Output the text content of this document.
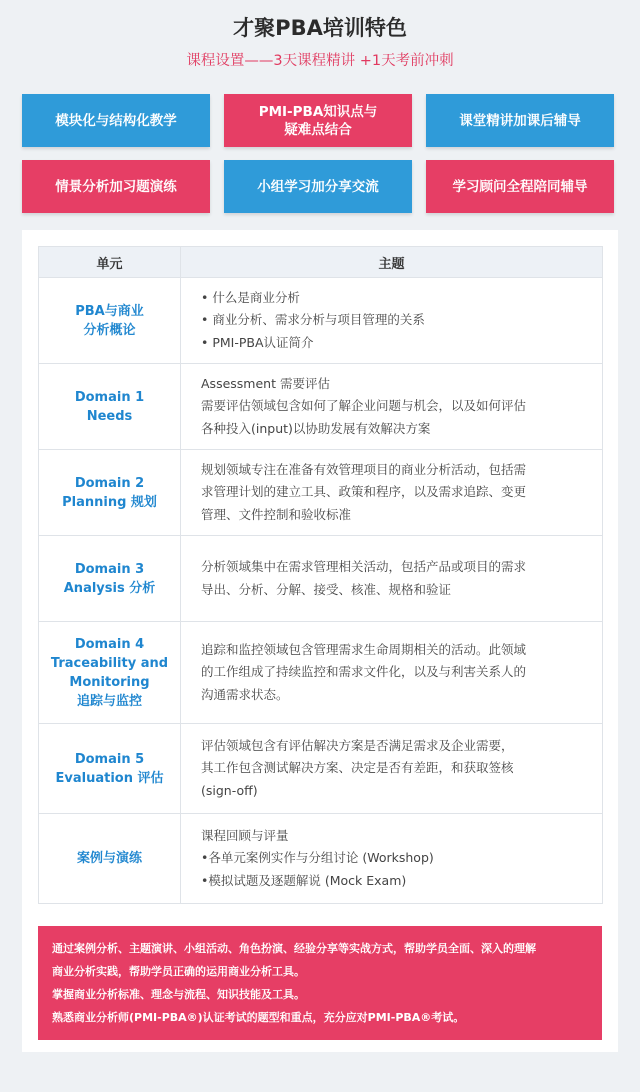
才聚PBA培训特色
课程设置——3天课程精讲 +1天考前冲刺
模块化与结构化教学
PMI-PBA知识点与
疑难点结合
课堂精讲加课后辅导
情景分析加习题演练	小组学习加分享交流	学习顾问全程陪同辅导
单元	主题

PBA与商业
分析概论	• 什么是商业分析
• 商业分析、需求分析与项目管理的关系
• PMI-PBA认证简介

Domain 1
Needs	Assessment 需要评估
需要评估领域包含如何了解企业问题与机会，以及如何评估
各种投入(input)以协助发展有效解决方案

Domain 2
Planning 规划	规划领域专注在准备有效管理项目的商业分析活动，包括需
求管理计划的建立工具、政策和程序，以及需求追踪、变更
管理、文件控制和验收标准

Domain 3
Analysis 分析	分析领域集中在需求管理相关活动，包括产品或项目的需求
导出、分析、分解、接受、核准、规格和验证

Domain 4
Traceability and
Monitoring
追踪与监控	追踪和监控领域包含管理需求生命周期相关的活动。此领域
的工作组成了持续监控和需求文件化，以及与利害关系人的
沟通需求状态。

Domain 5
Evaluation 评估	评估领域包含有评估解决方案是否满足需求及企业需要，
其工作包含测试解决方案、决定是否有差距，和获取签核
(sign-off)

案例与演练	课程回顾与评量
•各单元案例实作与分组讨论 (Workshop)
•模拟试题及逐题解说 (Mock Exam)
通过案例分析、主题演讲、小组活动、角色扮演、经验分享等实战方式，帮助学员全面、深入的理解
商业分析实践，帮助学员正确的运用商业分析工具。
掌握商业分析标准、理念与流程、知识技能及工具。
熟悉商业分析师(PMI-PBA®)认证考试的题型和重点，充分应对PMI-PBA®考试。
